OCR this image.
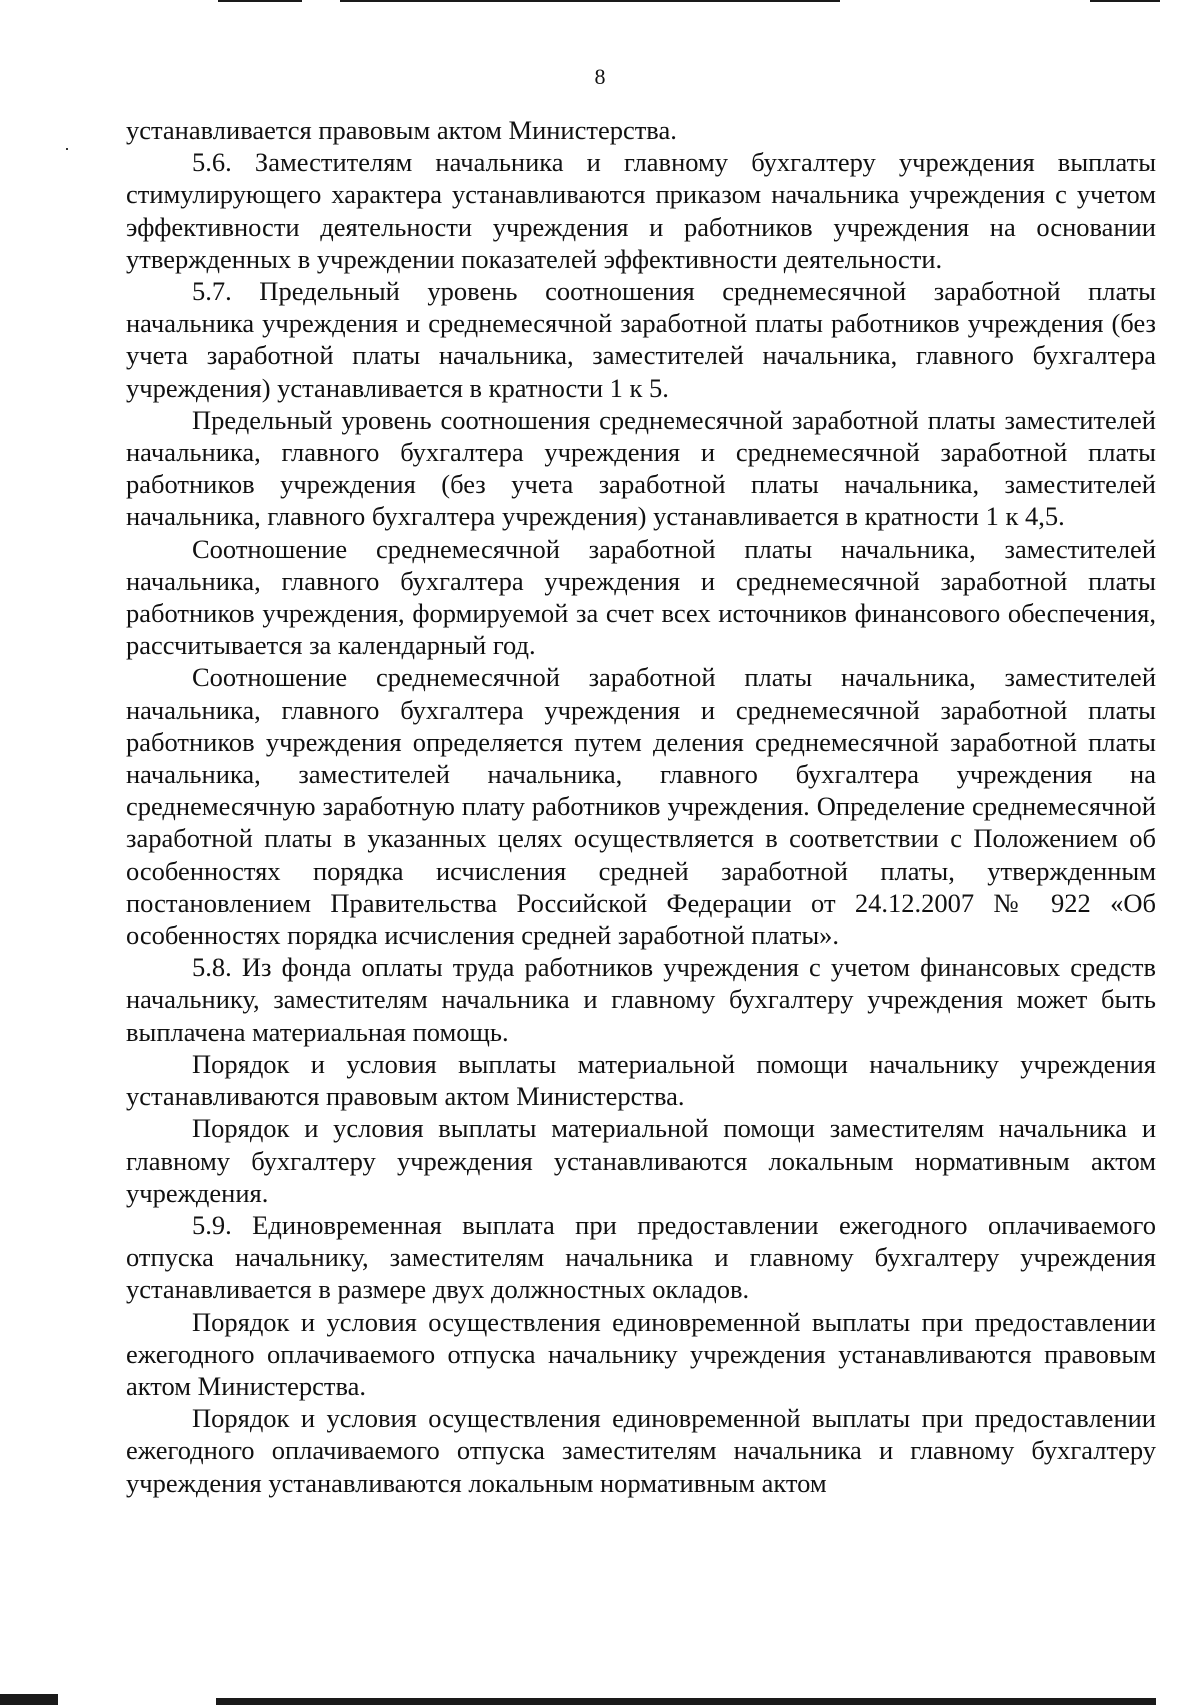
8

устанавливается правовым актом Министерства.

5.6. Заместителям начальника и главному бухгалтеру учреждения выплаты стимулирующего характера устанавливаются приказом начальника учреждения с учетом эффективности деятельности учреждения и работников учреждения на основании утвержденных в учреждении показателей эффективности деятельности.

5.7. Предельный уровень соотношения среднемесячной заработной платы начальника учреждения и среднемесячной заработной платы работников учреждения (без учета заработной платы начальника, заместителей начальника, главного бухгалтера учреждения) устанавливается в кратности 1 к 5.

Предельный уровень соотношения среднемесячной заработной платы заместителей начальника, главного бухгалтера учреждения и среднемесячной заработной платы работников учреждения (без учета заработной платы начальника, заместителей начальника, главного бухгалтера учреждения) устанавливается в кратности 1 к 4,5.

Соотношение среднемесячной заработной платы начальника, заместителей начальника, главного бухгалтера учреждения и среднемесячной заработной платы работников учреждения, формируемой за счет всех источников финансового обеспечения, рассчитывается за календарный год.

Соотношение среднемесячной заработной платы начальника, заместителей начальника, главного бухгалтера учреждения и среднемесячной заработной платы работников учреждения определяется путем деления среднемесячной заработной платы начальника, заместителей начальника, главного бухгалтера учреждения на среднемесячную заработную плату работников учреждения. Определение среднемесячной заработной платы в указанных целях осуществляется в соответствии с Положением об особенностях порядка исчисления средней заработной платы, утвержденным постановлением Правительства Российской Федерации от 24.12.2007 № 922 «Об особенностях порядка исчисления средней заработной платы».

5.8. Из фонда оплаты труда работников учреждения с учетом финансовых средств начальнику, заместителям начальника и главному бухгалтеру учреждения может быть выплачена материальная помощь.

Порядок и условия выплаты материальной помощи начальнику учреждения устанавливаются правовым актом Министерства.

Порядок и условия выплаты материальной помощи заместителям начальника и главному бухгалтеру учреждения устанавливаются локальным нормативным актом учреждения.

5.9. Единовременная выплата при предоставлении ежегодного оплачиваемого отпуска начальнику, заместителям начальника и главному бухгалтеру учреждения устанавливается в размере двух должностных окладов.

Порядок и условия осуществления единовременной выплаты при предоставлении ежегодного оплачиваемого отпуска начальнику учреждения устанавливаются правовым актом Министерства.

Порядок и условия осуществления единовременной выплаты при предоставлении ежегодного оплачиваемого отпуска заместителям начальника и главному бухгалтеру учреждения устанавливаются локальным нормативным актом
